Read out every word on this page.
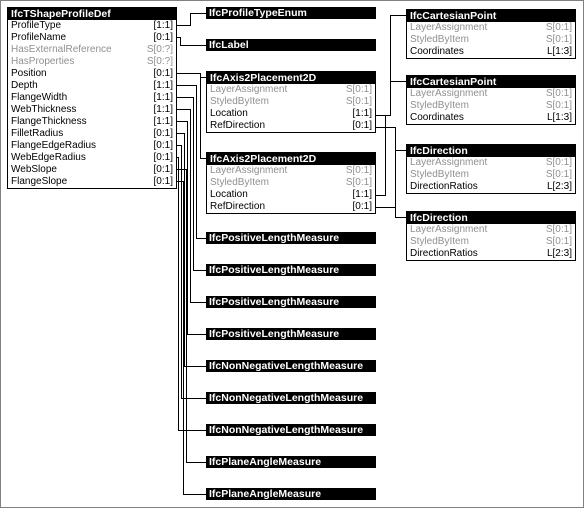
IfcTShapeProfileDef
ProfileType	[1:1]
ProfileName	[0:1]
HasExternalReference	S[0:?]
HasProperties	S[0:?]
Position	[0:1]
Depth	[1:1]
FlangeWidth	[1:1]
WebThickness	[1:1]
FlangeThickness	[1:1]
FilletRadius	[0:1]
FlangeEdgeRadius	[0:1]
WebEdgeRadius	[0:1]
WebSlope	[0:1]
FlangeSlope	[0:1]
IfcProfileTypeEnum
IfcLabel
IfcPositiveLengthMeasure
IfcPositiveLengthMeasure
IfcPositiveLengthMeasure
IfcPositiveLengthMeasure
IfcNonNegativeLengthMeasure
IfcNonNegativeLengthMeasure
IfcNonNegativeLengthMeasure
IfcPlaneAngleMeasure
IfcPlaneAngleMeasure
IfcAxis2Placement2D
LayerAssignment	S[0:1]
StyledByItem	S[0:1]
Location	[1:1]
RefDirection	[0:1]
IfcAxis2Placement2D
LayerAssignment	S[0:1]
StyledByItem	S[0:1]
Location	[1:1]
RefDirection	[0:1]
IfcCartesianPoint
LayerAssignment	S[0:1]
StyledByItem	S[0:1]
Coordinates	L[1:3]
IfcCartesianPoint
LayerAssignment	S[0:1]
StyledByItem	S[0:1]
Coordinates	L[1:3]
IfcDirection
LayerAssignment	S[0:1]
StyledByItem	S[0:1]
DirectionRatios	L[2:3]
IfcDirection
LayerAssignment	S[0:1]
StyledByItem	S[0:1]
DirectionRatios	L[2:3]
